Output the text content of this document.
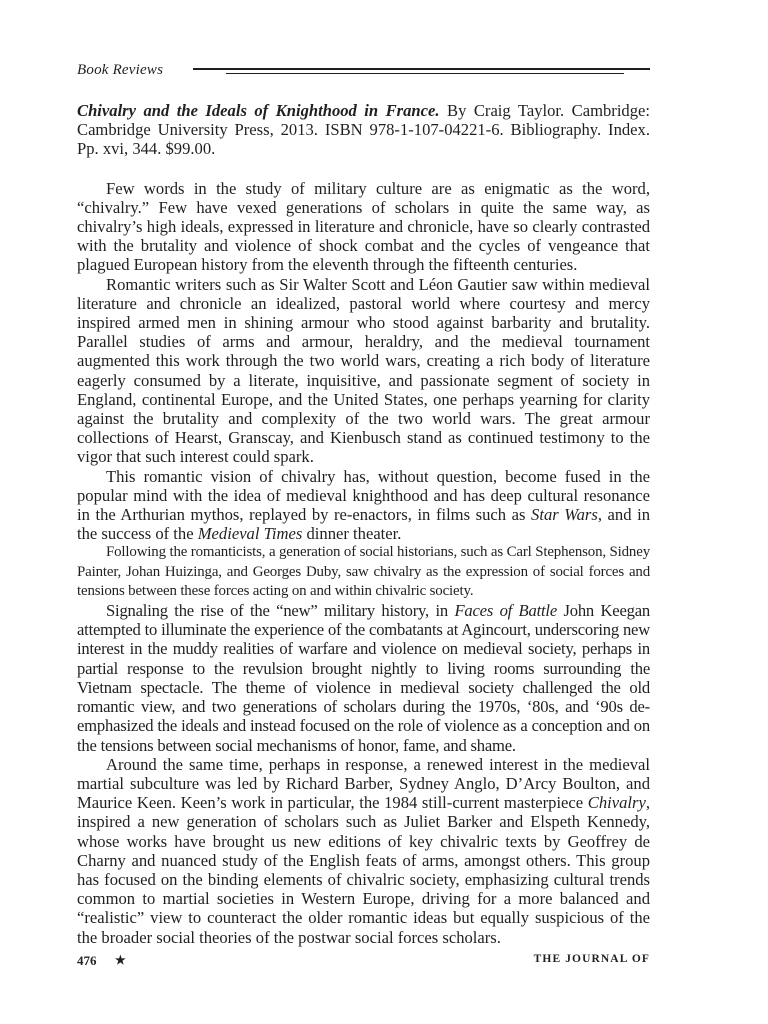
Book Reviews

Chivalry and the Ideals of Knighthood in France. By Craig Taylor. Cambridge: Cambridge University Press, 2013. ISBN 978-1-107-04221-6. Bibliography. Index. Pp. xvi, 344. $99.00.

Few words in the study of military culture are as enigmatic as the word, “chivalry.” Few have vexed generations of scholars in quite the same way, as chivalry’s high ideals, expressed in literature and chronicle, have so clearly contrasted with the brutality and violence of shock combat and the cycles of vengeance that plagued European history from the eleventh through the fifteenth centuries.

Romantic writers such as Sir Walter Scott and Léon Gautier saw within medieval literature and chronicle an idealized, pastoral world where courtesy and mercy inspired armed men in shining armour who stood against barbarity and brutality. Parallel studies of arms and armour, heraldry, and the medieval tournament augmented this work through the two world wars, creating a rich body of literature eagerly consumed by a literate, inquisitive, and passionate segment of society in England, continental Europe, and the United States, one perhaps yearning for clarity against the brutality and complexity of the two world wars. The great armour collections of Hearst, Granscay, and Kienbusch stand as continued testimony to the vigor that such interest could spark.

This romantic vision of chivalry has, without question, become fused in the popular mind with the idea of medieval knighthood and has deep cultural resonance in the Arthurian mythos, replayed by re-enactors, in films such as Star Wars, and in the success of the Medieval Times dinner theater.

Following the romanticists, a generation of social historians, such as Carl Stephenson, Sidney Painter, Johan Huizinga, and Georges Duby, saw chivalry as the expression of social forces and tensions between these forces acting on and within chivalric society.

Signaling the rise of the “new” military history, in Faces of Battle John Keegan attempted to illuminate the experience of the combatants at Agincourt, underscoring new interest in the muddy realities of warfare and violence on medieval society, perhaps in partial response to the revulsion brought nightly to living rooms surrounding the Vietnam spectacle. The theme of violence in medieval society challenged the old romantic view, and two generations of scholars during the 1970s, ‘80s, and ‘90s de-emphasized the ideals and instead focused on the role of violence as a conception and on the tensions between social mechanisms of honor, fame, and shame.

Around the same time, perhaps in response, a renewed interest in the medieval martial subculture was led by Richard Barber, Sydney Anglo, D’Arcy Boulton, and Maurice Keen. Keen’s work in particular, the 1984 still-current masterpiece Chivalry, inspired a new generation of scholars such as Juliet Barker and Elspeth Kennedy, whose works have brought us new editions of key chivalric texts by Geoffrey de Charny and nuanced study of the English feats of arms, amongst others. This group has focused on the binding elements of chivalric society, emphasizing cultural trends common to martial societies in Western Europe, driving for a more balanced and “realistic” view to counteract the older romantic ideas but equally suspicious of the the broader social theories of the postwar social forces scholars.

476 ★	THE JOURNAL OF
